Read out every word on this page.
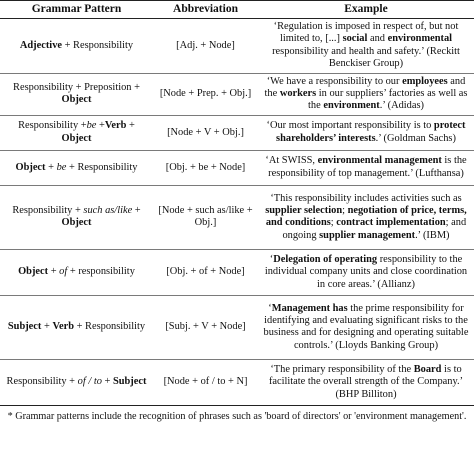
Grammar Pattern	Abbreviation	Example
Adjective + Responsibility	[Adj. + Node]	‘Regulation is imposed in respect of, but not limited to, [...] social and environmental responsibility and health and safety.’ (Reckitt Benckiser Group)
Responsibility + Preposition + Object	[Node + Prep. + Obj.]	‘We have a responsibility to our employees and the workers in our suppliers’ factories as well as the environment.’ (Adidas)
Responsibility +be +Verb + Object	[Node + V + Obj.]	‘Our most important responsibility is to protect shareholders’ interests.’ (Goldman Sachs)
Object + be + Responsibility	[Obj. + be + Node]	‘At SWISS, environmental management is the responsibility of top management.’ (Lufthansa)
Responsibility + such as/like + Object	[Node + such as/like + Obj.]	‘This responsibility includes activities such as supplier selection; negotiation of price, terms, and conditions; contract implementation; and ongoing supplier management.’ (IBM)
Object + of + responsibility	[Obj. + of + Node]	‘Delegation of operating responsibility to the individual company units and close coordination in core areas.’ (Allianz)
Subject + Verb + Responsibility	[Subj. + V + Node]	‘Management has the prime responsibility for identifying and evaluating significant risks to the business and for designing and operating suitable controls.’ (Lloyds Banking Group)
Responsibility + of / to + Subject	[Node + of / to + N]	‘The primary responsibility of the Board is to facilitate the overall strength of the Company.’ (BHP Billiton)
* Grammar patterns include the recognition of phrases such as 'board of directors' or 'environment management'.
